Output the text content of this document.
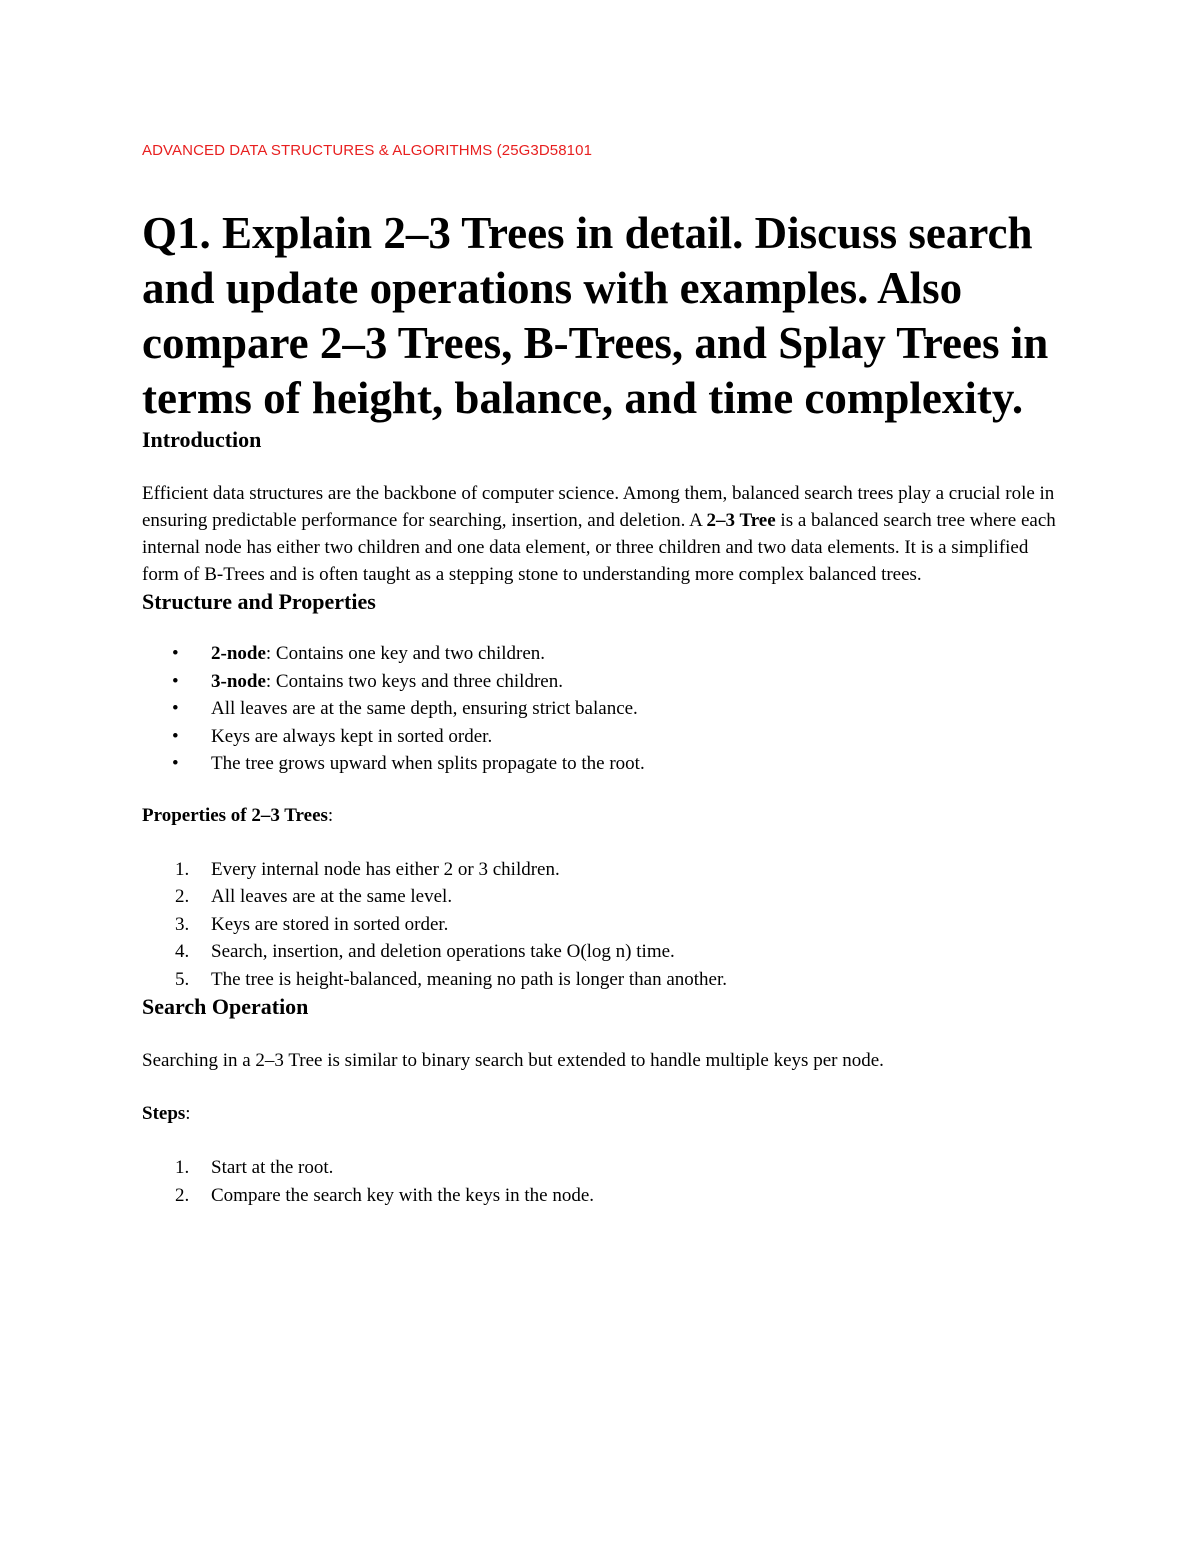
ADVANCED DATA STRUCTURES & ALGORITHMS (25G3D58101

Q1. Explain 2–3 Trees in detail. Discuss search and update operations with examples. Also compare 2–3 Trees, B-Trees, and Splay Trees in terms of height, balance, and time complexity.
Introduction

Efficient data structures are the backbone of computer science. Among them, balanced search trees play a crucial role in ensuring predictable performance for searching, insertion, and deletion. A 2–3 Tree is a balanced search tree where each internal node has either two children and one data element, or three children and two data elements. It is a simplified form of B-Trees and is often taught as a stepping stone to understanding more complex balanced trees.

Structure and Properties
• 2-node: Contains one key and two children.
• 3-node: Contains two keys and three children.
• All leaves are at the same depth, ensuring strict balance.
• Keys are always kept in sorted order.
• The tree grows upward when splits propagate to the root.

Properties of 2–3 Trees:

1. Every internal node has either 2 or 3 children.
2. All leaves are at the same level.
3. Keys are stored in sorted order.
4. Search, insertion, and deletion operations take O(log n) time.
5. The tree is height-balanced, meaning no path is longer than another.
Search Operation

Searching in a 2–3 Tree is similar to binary search but extended to handle multiple keys per node.

Steps:

1. Start at the root.
2. Compare the search key with the keys in the node.
